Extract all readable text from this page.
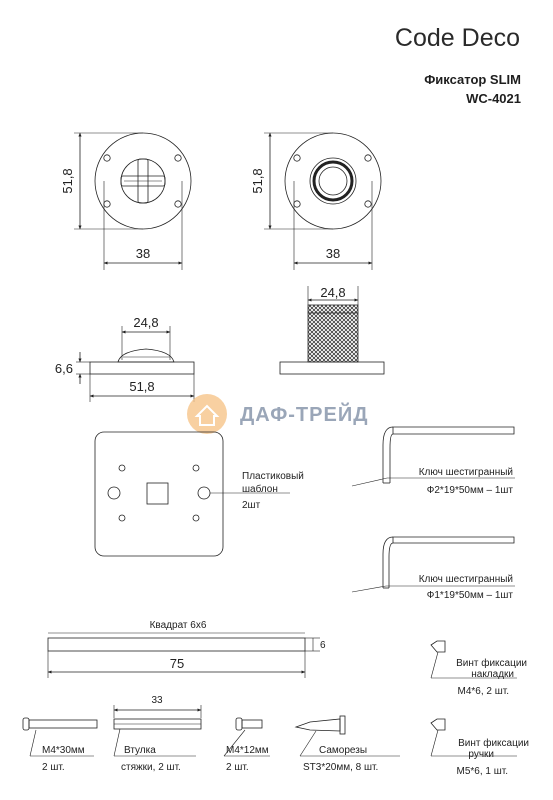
Code Deco
Фиксатор SLIM
WC-4021
51,8
38
51,8
38
24,8
6,6
51,8
24,8
ДАФ-ТРЕЙД
Пластиковый
шаблон
2шт
Ключ шестигранный
Ф2*19*50мм – 1шт
Ключ шестигранный
Ф1*19*50мм – 1шт
Квадрат 6х6
75
6
Винт фиксации
накладки
М4*6, 2 шт.
Винт фиксации
ручки
М5*6, 1 шт.
М4*30мм
2 шт.
33
Втулка
стяжки, 2 шт.
М4*12мм
2 шт.
Саморезы
ST3*20мм, 8 шт.
